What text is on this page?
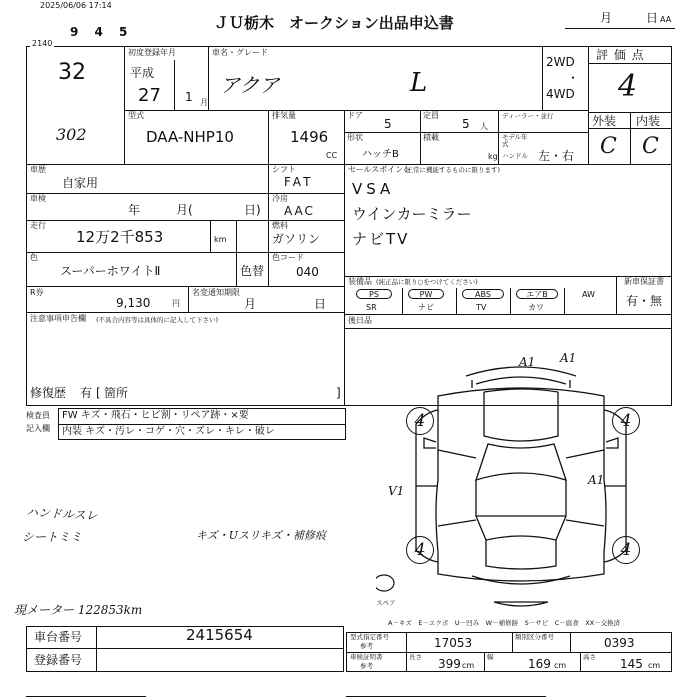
2025/06/06 17:14
9 4 5	ＪＵ栃木　オークション出品申込書	月	日 AA
2140
32
302
初度登録年月
平成
27 1 月
車名・グレード
アクア	L
2WD
・
4WD
評 価 点
4
外装 内装
C C
型式
DAA-NHP10
排気量
1496
CC
ドア
5
定員
5 人
ディーラー・並行
形状
ハッチB
積載
kg
モデル年式
ハンドル 左・右
車歴
自家用
シフト
FAT
車検
年	月(	日)
冷房
AAC
走行
12万2千853	km
燃料
ガソリン
色
スーパーホワイトⅡ	色替
色コード
040
R券
9,130	円
名変通知期限
月	日
注意事項申告欄 (不具合内容等は具体的に記入して下さい)
修復歴 有 [ 箇所	]
セールスポイント
(正常に機能するものに限ります)
VSA
ウインカーミラー
ナビTV
装備品 (純正品に限り○をつけてください)
PS	PW	ABS	エアB	AW
SR	ナビ	TV	カワ
新車保証書
有・無
後日品
検査員
記入欄
FW キズ・飛石・ヒビ割・リペア跡・×要
内装 キズ・汚レ・コゲ・穴・ズレ・キレ・破レ
ハンドルスレ
シートミミ	キズ・Uスリキズ・補修痕
現メーター 122853km
4	4
4	4
A1 A1
V1
A1
スペア
A－キズ　E－エクボ　U－凹み　W－補修跡　S－サビ　C－腐食　XX－交換済
車台番号	2415654
登録番号
型式指定番号
参考	17053	類別区分番号	0393
車検証明書
参考
長さ 399 cm
幅	169 cm
高さ 145 cm
